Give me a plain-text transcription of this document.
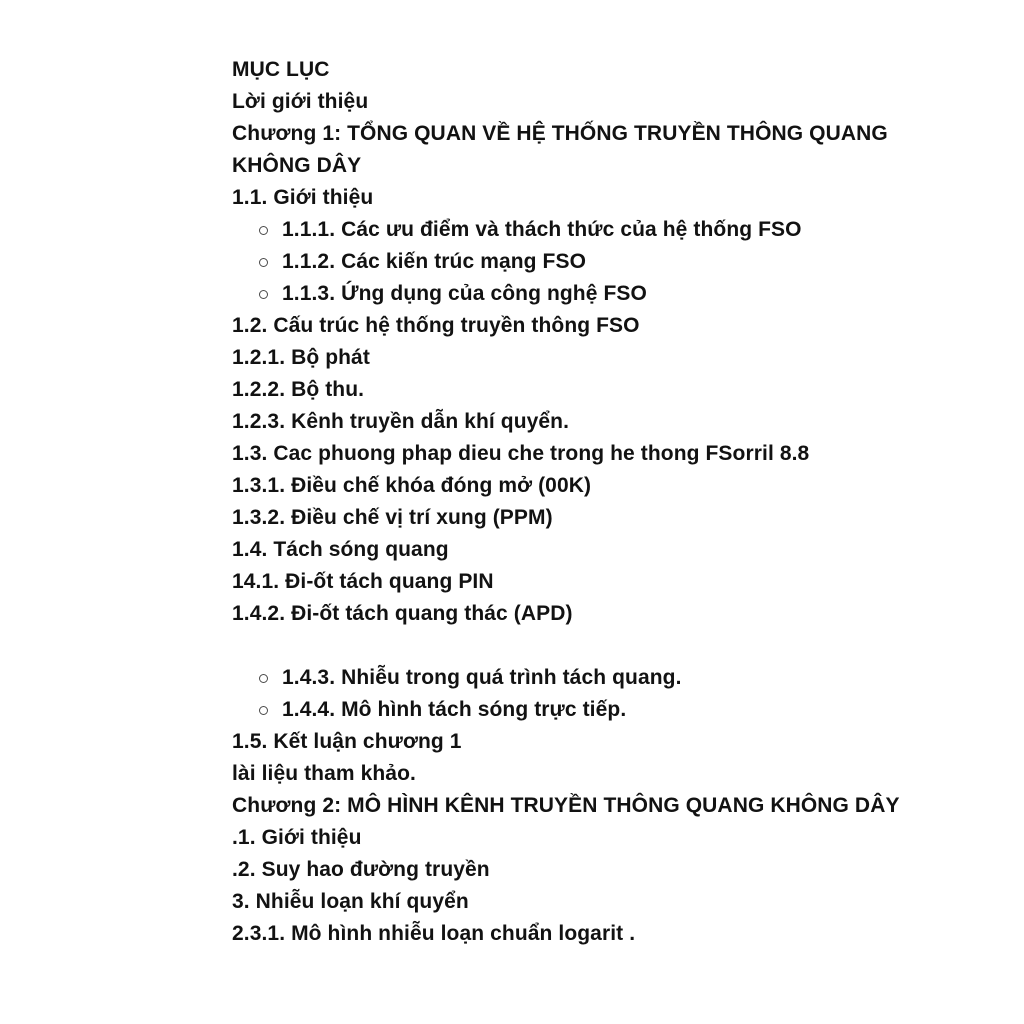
MỤC LỤC
Lời giới thiệu
Chương 1: TỔNG QUAN VỀ HỆ THỐNG TRUYỀN THÔNG QUANG
KHÔNG DÂY
1.1. Giới thiệu
1.1.1. Các ưu điểm và thách thức của hệ thống FSO
1.1.2. Các kiến trúc mạng FSO
1.1.3. Ứng dụng của công nghệ FSO
1.2. Cấu trúc hệ thống truyền thông FSO
1.2.1. Bộ phát
1.2.2. Bộ thu.
1.2.3. Kênh truyền dẫn khí quyển.
1.3. Cac phuong phap dieu che trong he thong FSorril 8.8
1.3.1. Điều chế khóa đóng mở (00K)
1.3.2. Điều chế vị trí xung (PPM)
1.4. Tách sóng quang
14.1. Đi-ốt tách quang PIN
1.4.2. Đi-ốt tách quang thác (APD)
1.4.3. Nhiễu trong quá trình tách quang.
1.4.4. Mô hình tách sóng trực tiếp.
1.5. Kết luận chương 1
lài liệu tham khảo.
Chương 2: MÔ HÌNH KÊNH TRUYỀN THÔNG QUANG KHÔNG DÂY
.1. Giới thiệu
.2. Suy hao đường truyền
3. Nhiễu loạn khí quyển
2.3.1. Mô hình nhiễu loạn chuẩn logarit .
